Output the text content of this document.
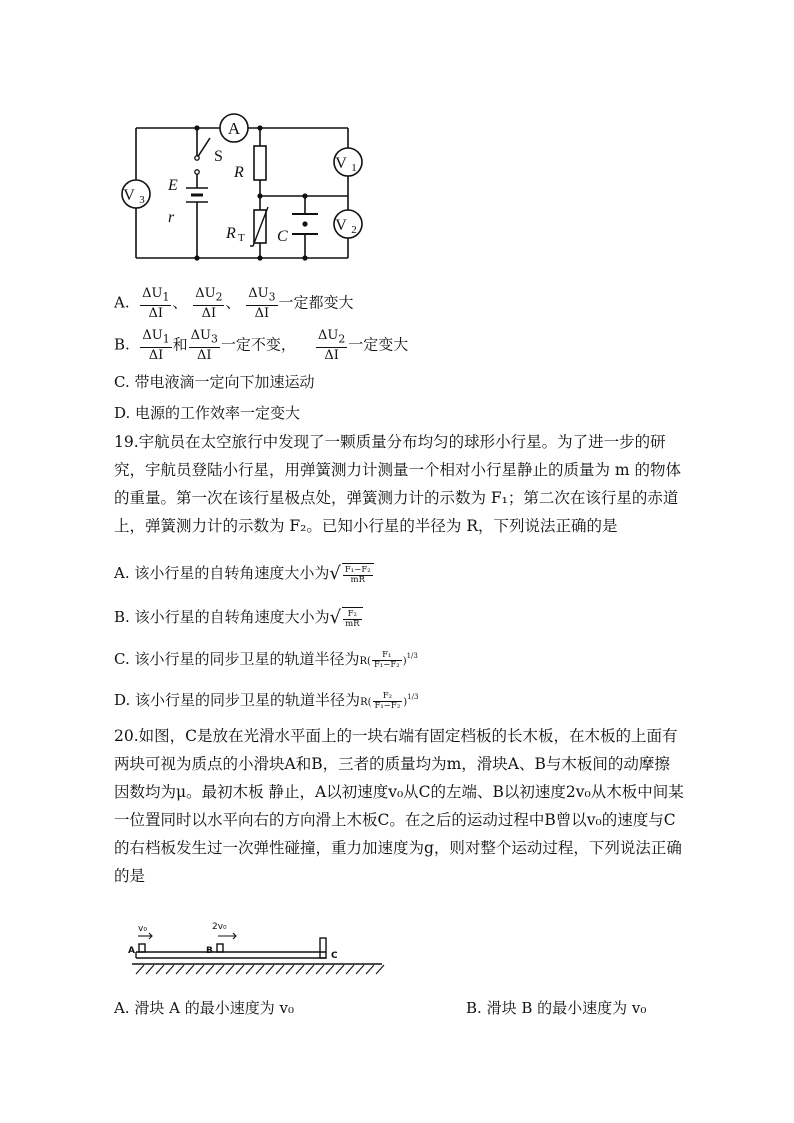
A
V 1
V 2
V 3
S
E
r
R
R T C
A. $\frac{\Delta U_1}{\Delta I}$ 、 $\frac{\Delta U_2}{\Delta I}$ 、 $\frac{\Delta U_3}{\Delta I}$ 一定都变大
B. $\frac{\Delta U_1}{\Delta I}$ 和 $\frac{\Delta U_3}{\Delta I}$ 一定不变， $\frac{\Delta U_2}{\Delta I}$ 一定变大
C. 带电液滴一定向下加速运动
D. 电源的工作效率一定变大
19.宇航员在太空旅行中发现了一颗质量分布均匀的球形小行星。为了进一步的研究，宇航员登陆小行星，用弹簧测力计测量一个相对小行星静止的质量为 m 的物体的重量。第一次在该行星极点处，弹簧测力计的示数为 F₁；第二次在该行星的赤道上，弹簧测力计的示数为 F₂。已知小行星的半径为 R，下列说法正确的是
A. 该小行星的自转角速度大小为√ $\frac{\text{F₁−F₂}}{mR}$
B. 该小行星的自转角速度大小为√ $\frac{\text{F₂}}{mR}$
C. 该小行星的同步卫星的轨道半径为$R( \frac{\text{F₁}}{\text{F₁−F₂}} )^{1/3}$
D. 该小行星的同步卫星的轨道半径为$R( \frac{\text{F₂}}{\text{F₁−F₂}} )^{1/3}$
20.如图，C是放在光滑水平面上的一块右端有固定档板的长木板，在木板的上面有两块可视为质点的小滑块A和B，三者的质量均为m，滑块A、B与木板间的动摩擦因数均为μ。最初木板 静止，A以初速度v₀从C的左端、B以初速度2v₀从木板中间某一位置同时以水平向右的方向滑上木板C。在之后的运动过程中B曾以v₀的速度与C的右档板发生过一次弹性碰撞，重力加速度为g，则对整个运动过程，下列说法正确的是
A	B	C
v₀	2v₀
A. 滑块 A 的最小速度为 v₀	B. 滑块 B 的最小速度为 v₀
